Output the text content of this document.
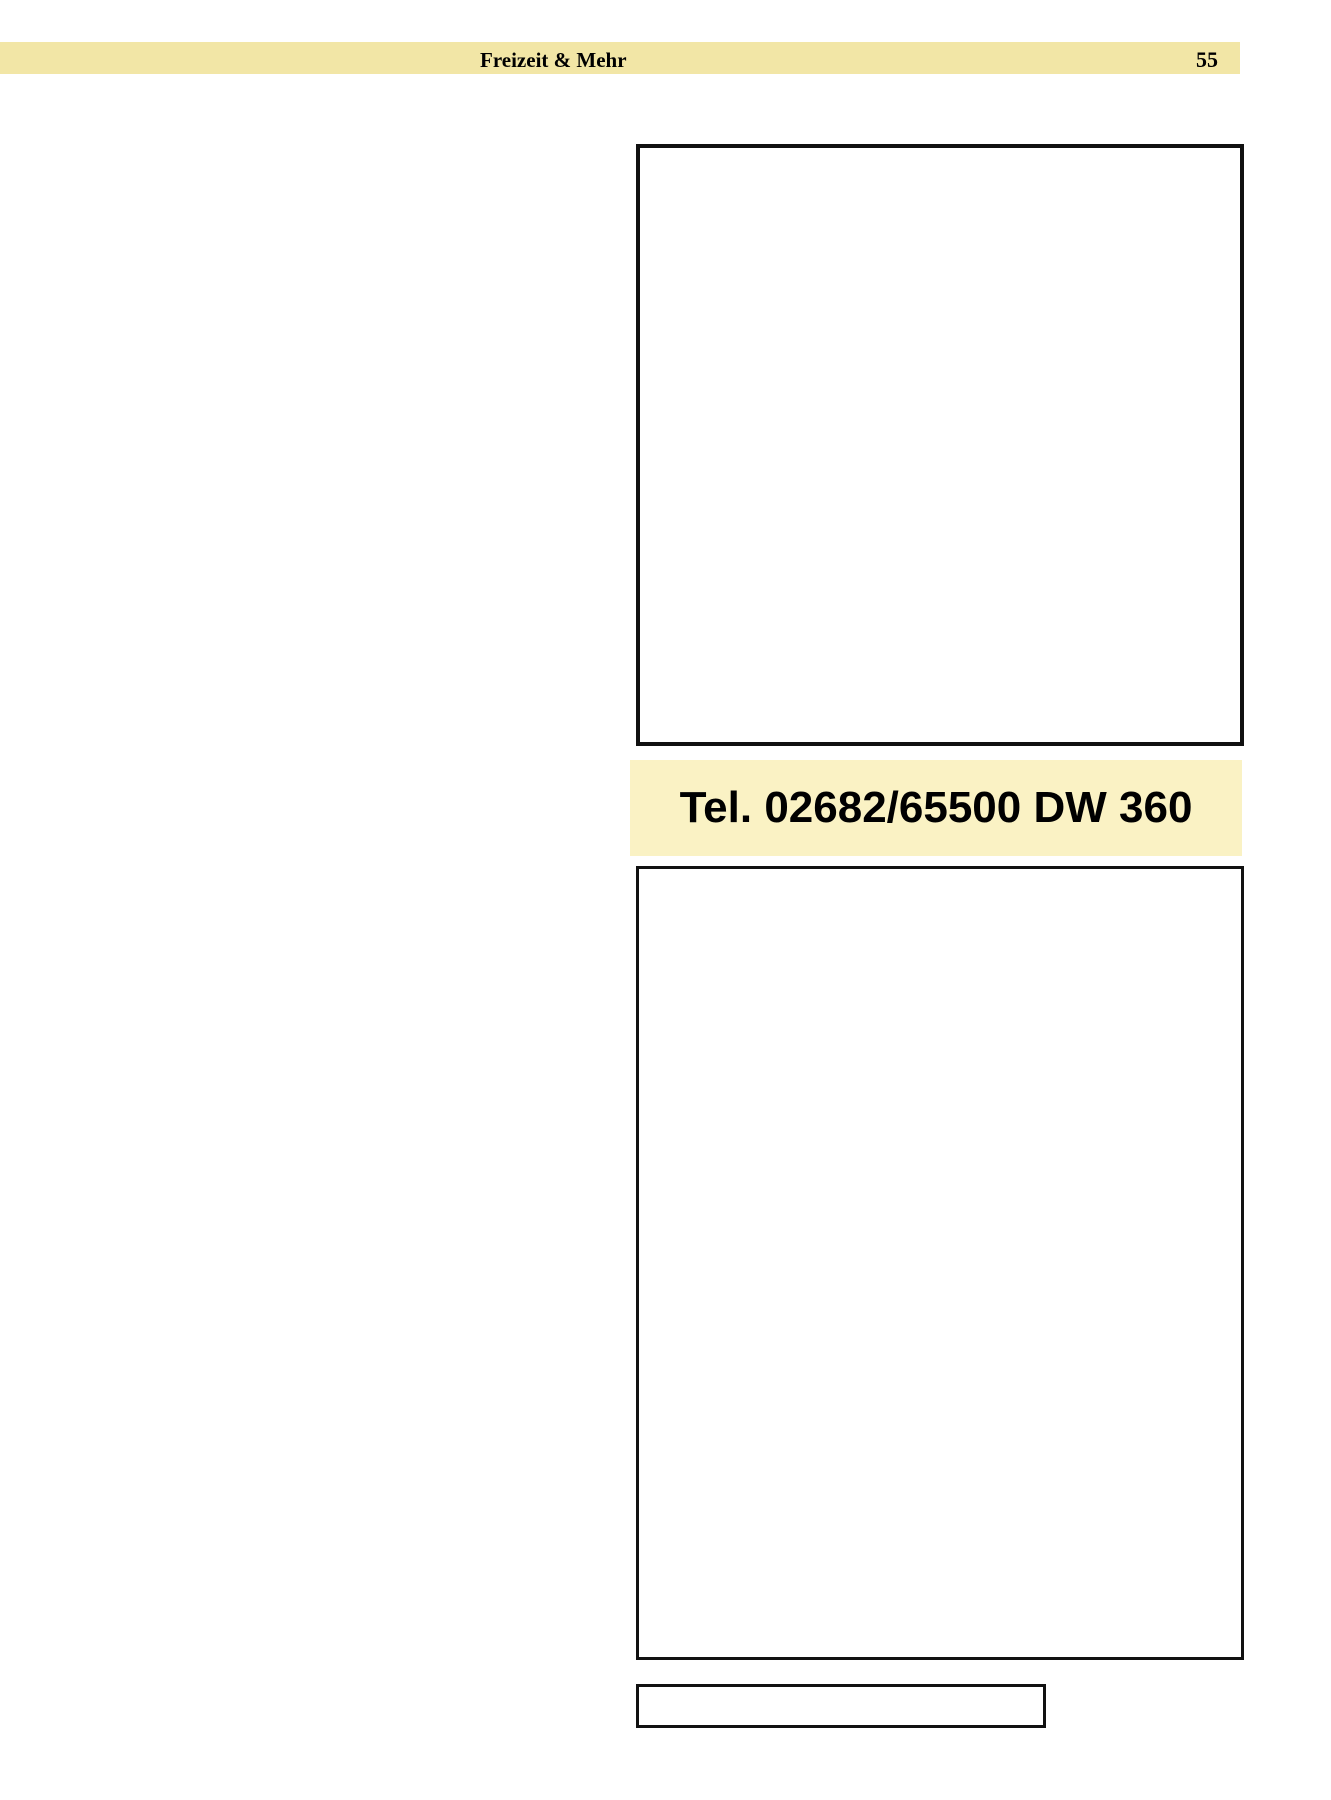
Freizeit & Mehr	55
Tel. 02682/65500 DW 360
